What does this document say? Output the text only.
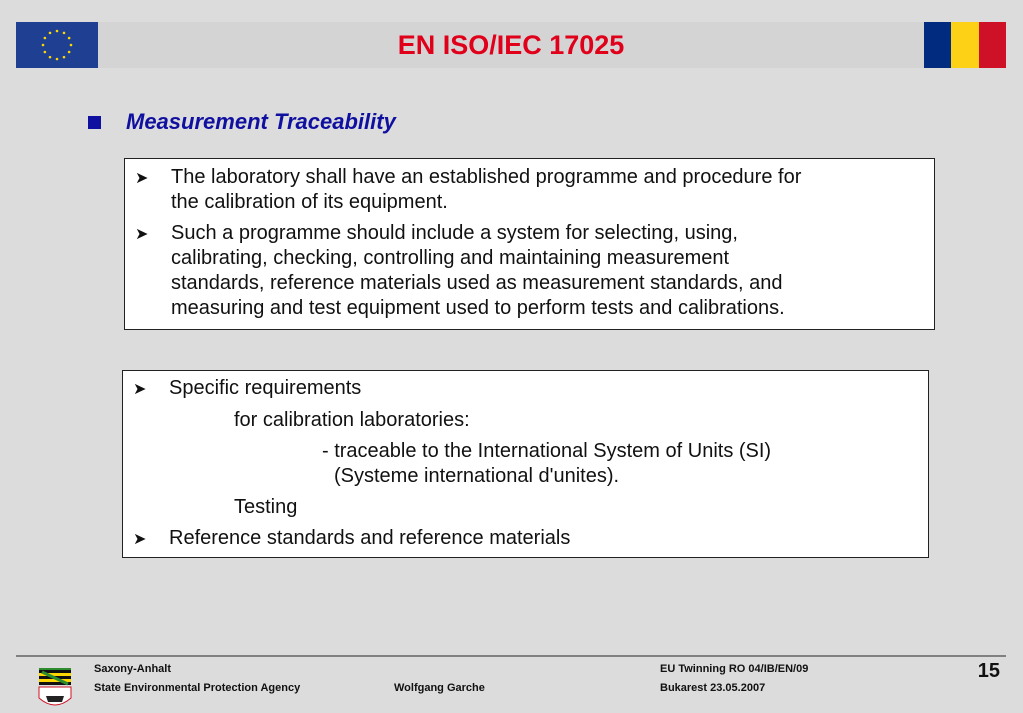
EN ISO/IEC 17025
Measurement Traceability
➤	The laboratory shall have an established programme and procedure for
the calibration of its equipment.
➤	Such a programme should include a system for selecting, using,
calibrating, checking, controlling and maintaining measurement
standards, reference materials used as measurement standards, and
measuring and test equipment used to perform tests and calibrations.
➤	Specific requirements
for calibration laboratories:
- traceable to the International System of Units (SI)
(Systeme international d'unites).
Testing
➤	Reference standards and reference materials
Saxony-Anhalt
State Environmental Protection Agency	Wolfgang Garche
EU Twinning RO 04/IB/EN/09
Bukarest 23.05.2007
15
